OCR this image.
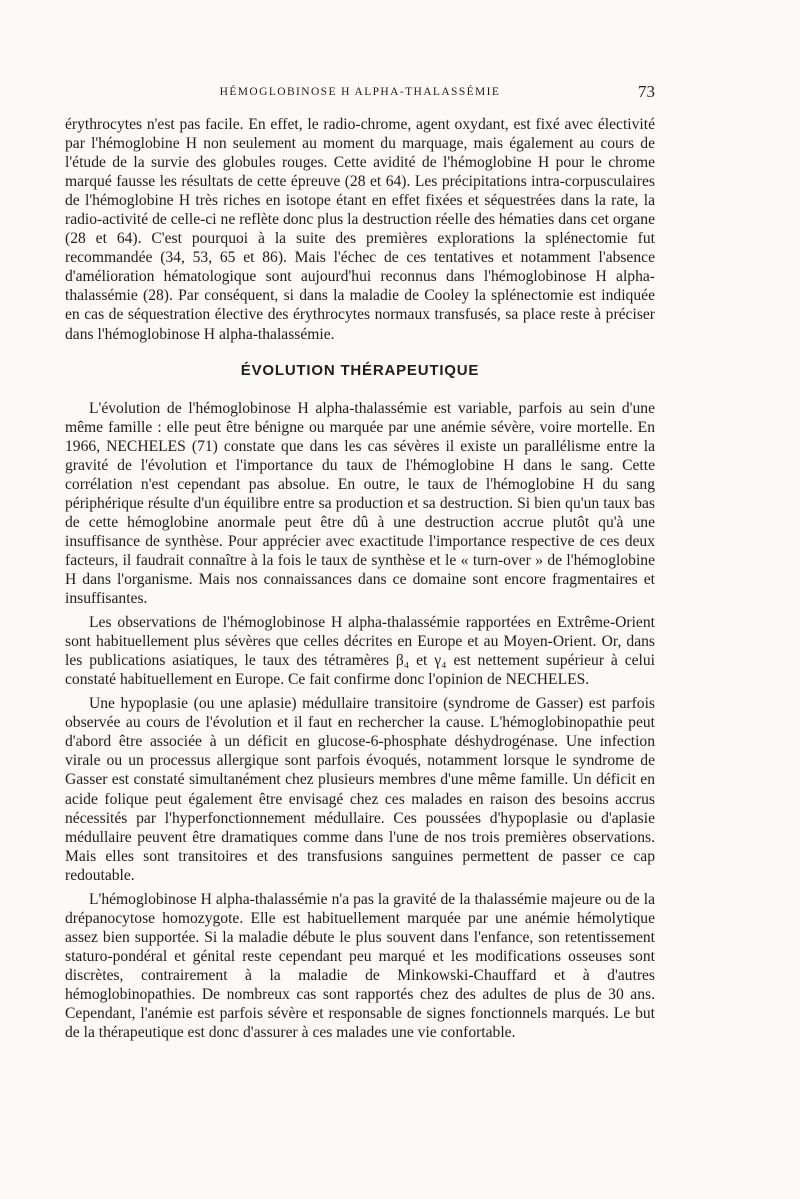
HÉMOGLOBINOSE H ALPHA-THALASSÉMIE	73

érythrocytes n'est pas facile. En effet, le radio-chrome, agent oxydant, est fixé avec électivité par l'hémoglobine H non seulement au moment du marquage, mais également au cours de l'étude de la survie des globules rouges. Cette avidité de l'hémoglobine H pour le chrome marqué fausse les résultats de cette épreuve (28 et 64). Les précipitations intra-corpusculaires de l'hémoglobine H très riches en isotope étant en effet fixées et séquestrées dans la rate, la radio-activité de celle-ci ne reflète donc plus la destruction réelle des hématies dans cet organe (28 et 64). C'est pourquoi à la suite des premières explorations la splénectomie fut recommandée (34, 53, 65 et 86). Mais l'échec de ces tentatives et notamment l'absence d'amélioration hématologique sont aujourd'hui reconnus dans l'hémoglobinose H alpha-thalassémie (28). Par conséquent, si dans la maladie de Cooley la splénectomie est indiquée en cas de séquestration élective des érythrocytes normaux transfusés, sa place reste à préciser dans l'hémoglobinose H alpha-thalassémie.

ÉVOLUTION THÉRAPEUTIQUE

L'évolution de l'hémoglobinose H alpha-thalassémie est variable, parfois au sein d'une même famille : elle peut être bénigne ou marquée par une anémie sévère, voire mortelle. En 1966, NECHELES (71) constate que dans les cas sévères il existe un parallélisme entre la gravité de l'évolution et l'importance du taux de l'hémoglobine H dans le sang. Cette corrélation n'est cependant pas absolue. En outre, le taux de l'hémoglobine H du sang périphérique résulte d'un équilibre entre sa production et sa destruction. Si bien qu'un taux bas de cette hémoglobine anormale peut être dû à une destruction accrue plutôt qu'à une insuffisance de synthèse. Pour apprécier avec exactitude l'importance respective de ces deux facteurs, il faudrait connaître à la fois le taux de synthèse et le « turn-over » de l'hémoglobine H dans l'organisme. Mais nos connaissances dans ce domaine sont encore fragmentaires et insuffisantes.

Les observations de l'hémoglobinose H alpha-thalassémie rapportées en Extrême-Orient sont habituellement plus sévères que celles décrites en Europe et au Moyen-Orient. Or, dans les publications asiatiques, le taux des tétramères β₄ et γ₄ est nettement supérieur à celui constaté habituellement en Europe. Ce fait confirme donc l'opinion de NECHELES.

Une hypoplasie (ou une aplasie) médullaire transitoire (syndrome de Gasser) est parfois observée au cours de l'évolution et il faut en rechercher la cause. L'hémoglobinopathie peut d'abord être associée à un déficit en glucose-6-phosphate déshydrogénase. Une infection virale ou un processus allergique sont parfois évoqués, notamment lorsque le syndrome de Gasser est constaté simultanément chez plusieurs membres d'une même famille. Un déficit en acide folique peut également être envisagé chez ces malades en raison des besoins accrus nécessités par l'hyperfonctionnement médullaire. Ces poussées d'hypoplasie ou d'aplasie médullaire peuvent être dramatiques comme dans l'une de nos trois premières observations. Mais elles sont transitoires et des transfusions sanguines permettent de passer ce cap redoutable.

L'hémoglobinose H alpha-thalassémie n'a pas la gravité de la thalassémie majeure ou de la drépanocytose homozygote. Elle est habituellement marquée par une anémie hémolytique assez bien supportée. Si la maladie débute le plus souvent dans l'enfance, son retentissement staturo-pondéral et génital reste cependant peu marqué et les modifications osseuses sont discrètes, contrairement à la maladie de Minkowski-Chauffard et à d'autres hémoglobinopathies. De nombreux cas sont rapportés chez des adultes de plus de 30 ans. Cependant, l'anémie est parfois sévère et responsable de signes fonctionnels marqués. Le but de la thérapeutique est donc d'assurer à ces malades une vie confortable.
